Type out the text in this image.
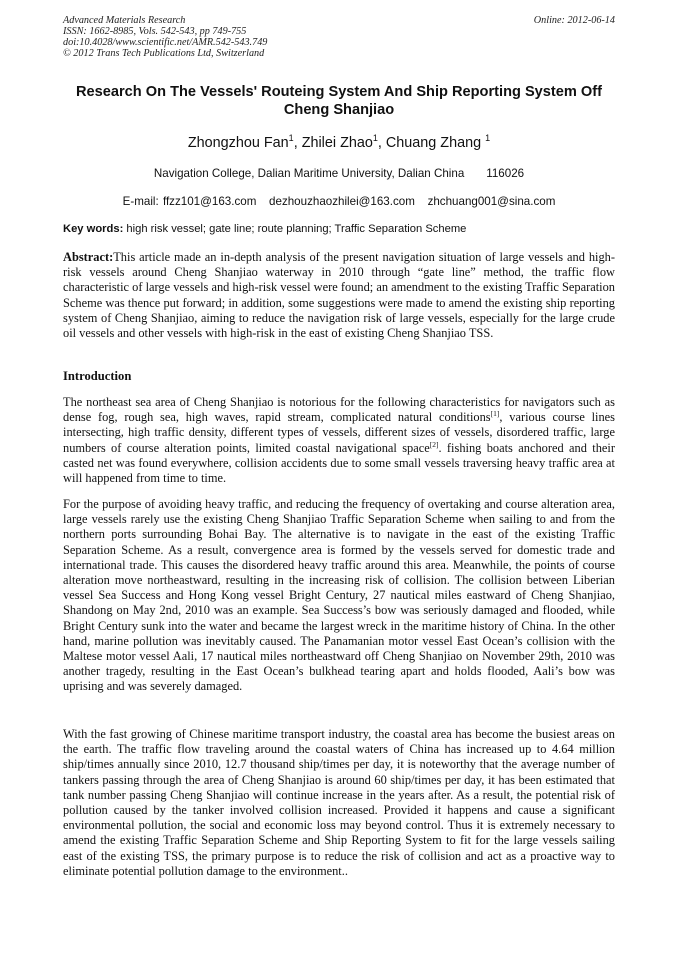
Advanced Materials Research
ISSN: 1662-8985, Vols. 542-543, pp 749-755
doi:10.4028/www.scientific.net/AMR.542-543.749
© 2012 Trans Tech Publications Ltd, Switzerland
Online: 2012-06-14
Research On The Vessels' Routeing System And Ship Reporting System Off Cheng Shanjiao
Zhongzhou Fan$^1$, Zhilei Zhao$^1$, Chuang Zhang $^1$
Navigation College, Dalian Maritime University, Dalian China 116026
E-mail: ffzz101@163.com dezhouzhaozhilei@163.com zhchuang001@sina.com
Key words: high risk vessel; gate line; route planning; Traffic Separation Scheme
Abstract:This article made an in-depth analysis of the present navigation situation of large vessels and high-risk vessels around Cheng Shanjiao waterway in 2010 through “gate line” method, the traffic flow characteristic of large vessels and high-risk vessel were found; an amendment to the existing Traffic Separation Scheme was thence put forward; in addition, some suggestions were made to amend the existing ship reporting system of Cheng Shanjiao, aiming to reduce the navigation risk of large vessels, especially for the large crude oil vessels and other vessels with high-risk in the east of existing Cheng Shanjiao TSS.
Introduction
The northeast sea area of Cheng Shanjiao is notorious for the following characteristics for navigators such as dense fog, rough sea, high waves, rapid stream, complicated natural conditions[1], various course lines intersecting, high traffic density, different types of vessels, different sizes of vessels, disordered traffic, large numbers of course alteration points, limited coastal navigational space[2]. fishing boats anchored and their casted net was found everywhere, collision accidents due to some small vessels traversing heavy traffic area at will happened from time to time.
For the purpose of avoiding heavy traffic, and reducing the frequency of overtaking and course alteration area, large vessels rarely use the existing Cheng Shanjiao Traffic Separation Scheme when sailing to and from the northern ports surrounding Bohai Bay. The alternative is to navigate in the east of the existing Traffic Separation Scheme. As a result, convergence area is formed by the vessels served for domestic trade and international trade. This causes the disordered heavy traffic around this area. Meanwhile, the points of course alteration move northeastward, resulting in the increasing risk of collision. The collision between Liberian vessel Sea Success and Hong Kong vessel Bright Century, 27 nautical miles eastward of Cheng Shanjiao, Shandong on May 2nd, 2010 was an example. Sea Success’s bow was seriously damaged and flooded, while Bright Century sunk into the water and became the largest wreck in the maritime history of China. In the other hand, marine pollution was inevitably caused. The Panamanian motor vessel East Ocean’s collision with the Maltese motor vessel Aali, 17 nautical miles northeastward off Cheng Shanjiao on November 29th, 2010 was another tragedy, resulting in the East Ocean’s bulkhead tearing apart and holds flooded, Aali’s bow was uprising and was severely damaged.
With the fast growing of Chinese maritime transport industry, the coastal area has become the busiest areas on the earth. The traffic flow traveling around the coastal waters of China has increased up to 4.64 million ship/times annually since 2010, 12.7 thousand ship/times per day, it is noteworthy that the average number of tankers passing through the area of Cheng Shanjiao is around 60 ship/times per day, it has been estimated that tank number passing Cheng Shanjiao will continue increase in the years after. As a result, the potential risk of pollution caused by the tanker involved collision increased. Provided it happens and cause a significant environmental pollution, the social and economic loss may beyond control. Thus it is extremely necessary to amend the existing Traffic Separation Scheme and Ship Reporting System to fit for the large vessels sailing east of the existing TSS, the primary purpose is to reduce the risk of collision and act as a proactive way to eliminate potential pollution damage to the environment..
